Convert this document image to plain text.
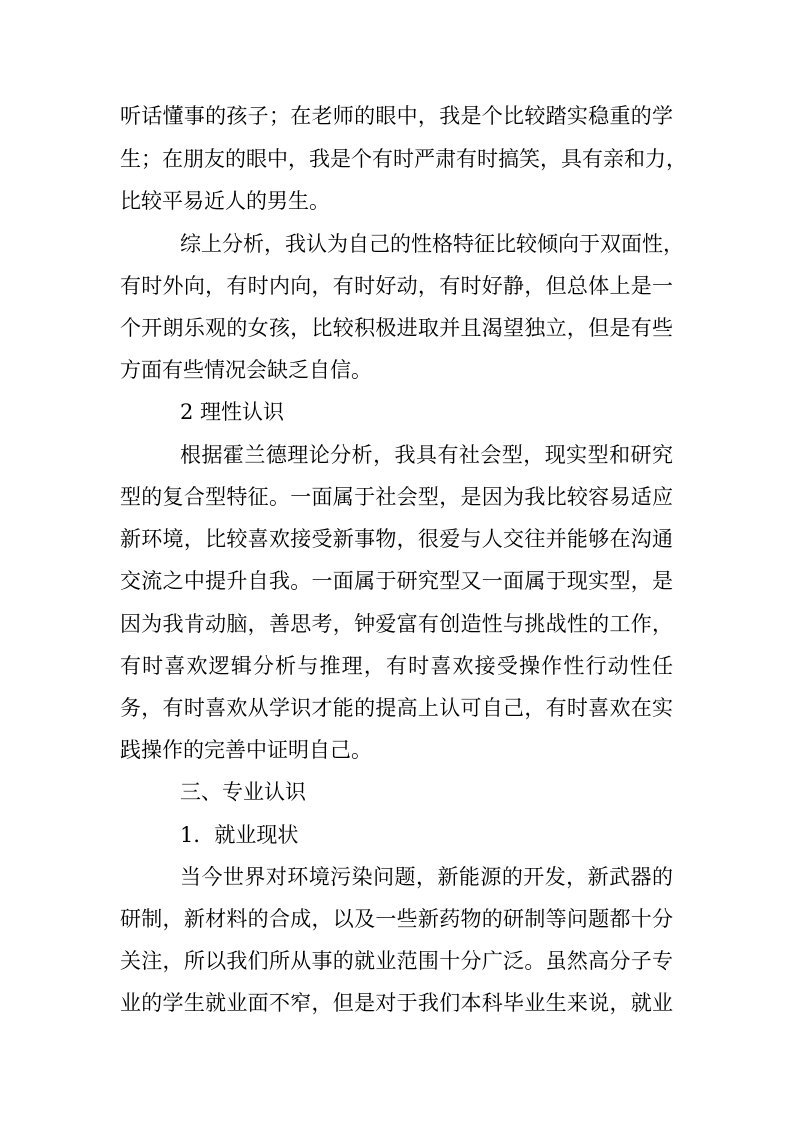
听话懂事的孩子；在老师的眼中，我是个比较踏实稳重的学
生；在朋友的眼中，我是个有时严肃有时搞笑，具有亲和力，
比较平易近人的男生。
综上分析，我认为自己的性格特征比较倾向于双面性，
有时外向，有时内向，有时好动，有时好静，但总体上是一
个开朗乐观的女孩，比较积极进取并且渴望独立，但是有些
方面有些情况会缺乏自信。
2 理性认识
根据霍兰德理论分析，我具有社会型，现实型和研究
型的复合型特征。一面属于社会型，是因为我比较容易适应
新环境，比较喜欢接受新事物，很爱与人交往并能够在沟通
交流之中提升自我。一面属于研究型又一面属于现实型，是
因为我肯动脑，善思考，钟爱富有创造性与挑战性的工作，
有时喜欢逻辑分析与推理，有时喜欢接受操作性行动性任
务，有时喜欢从学识才能的提高上认可自己，有时喜欢在实
践操作的完善中证明自己。
三、专业认识
1．就业现状
当今世界对环境污染问题，新能源的开发，新武器的
研制，新材料的合成，以及一些新药物的研制等问题都十分
关注，所以我们所从事的就业范围十分广泛。虽然高分子专
业的学生就业面不窄，但是对于我们本科毕业生来说，就业
